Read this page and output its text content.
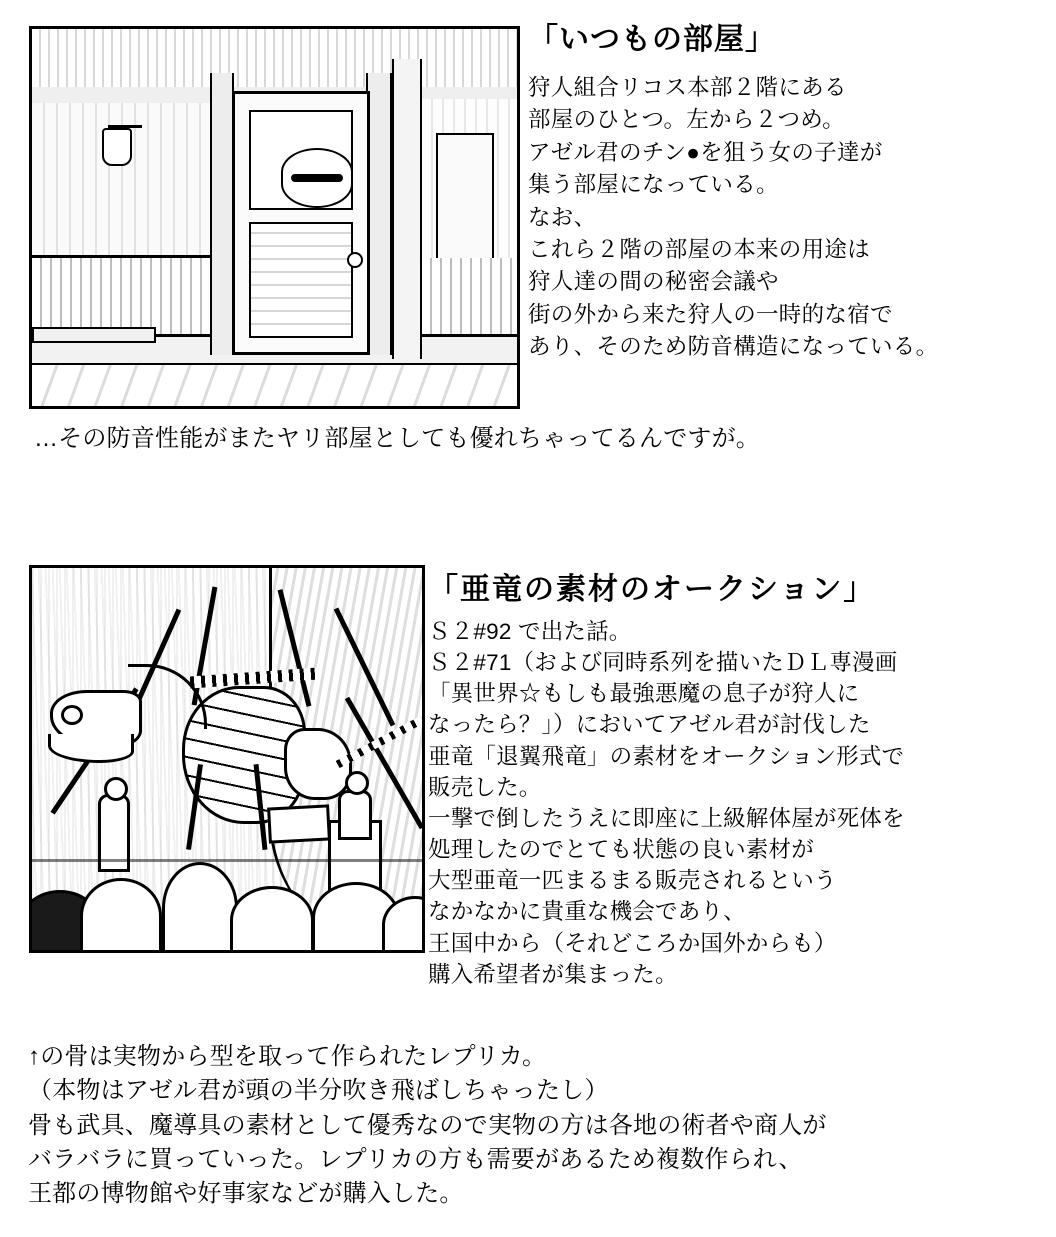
「いつもの部屋」
狩人組合リコス本部２階にある
部屋のひとつ。左から２つめ。
アゼル君のチン●を狙う女の子達が
集う部屋になっている。
なお、
これら２階の部屋の本来の用途は
狩人達の間の秘密会議や
街の外から来た狩人の一時的な宿で
あり、そのため防音構造になっている。
…その防音性能がまたヤリ部屋としても優れちゃってるんですが。
「亜竜の素材のオークション」
Ｓ２#92 で出た話。
Ｓ２#71（および同時系列を描いたＤＬ専漫画
「異世界☆もしも最強悪魔の息子が狩人に
なったら？」）においてアゼル君が討伐した
亜竜「退翼飛竜」の素材をオークション形式で
販売した。
一撃で倒したうえに即座に上級解体屋が死体を
処理したのでとても状態の良い素材が
大型亜竜一匹まるまる販売されるという
なかなかに貴重な機会であり、
王国中から（それどころか国外からも）
購入希望者が集まった。
↑の骨は実物から型を取って作られたレプリカ。
（本物はアゼル君が頭の半分吹き飛ばしちゃったし）
骨も武具、魔導具の素材として優秀なので実物の方は各地の術者や商人が
バラバラに買っていった。レプリカの方も需要があるため複数作られ、
王都の博物館や好事家などが購入した。
